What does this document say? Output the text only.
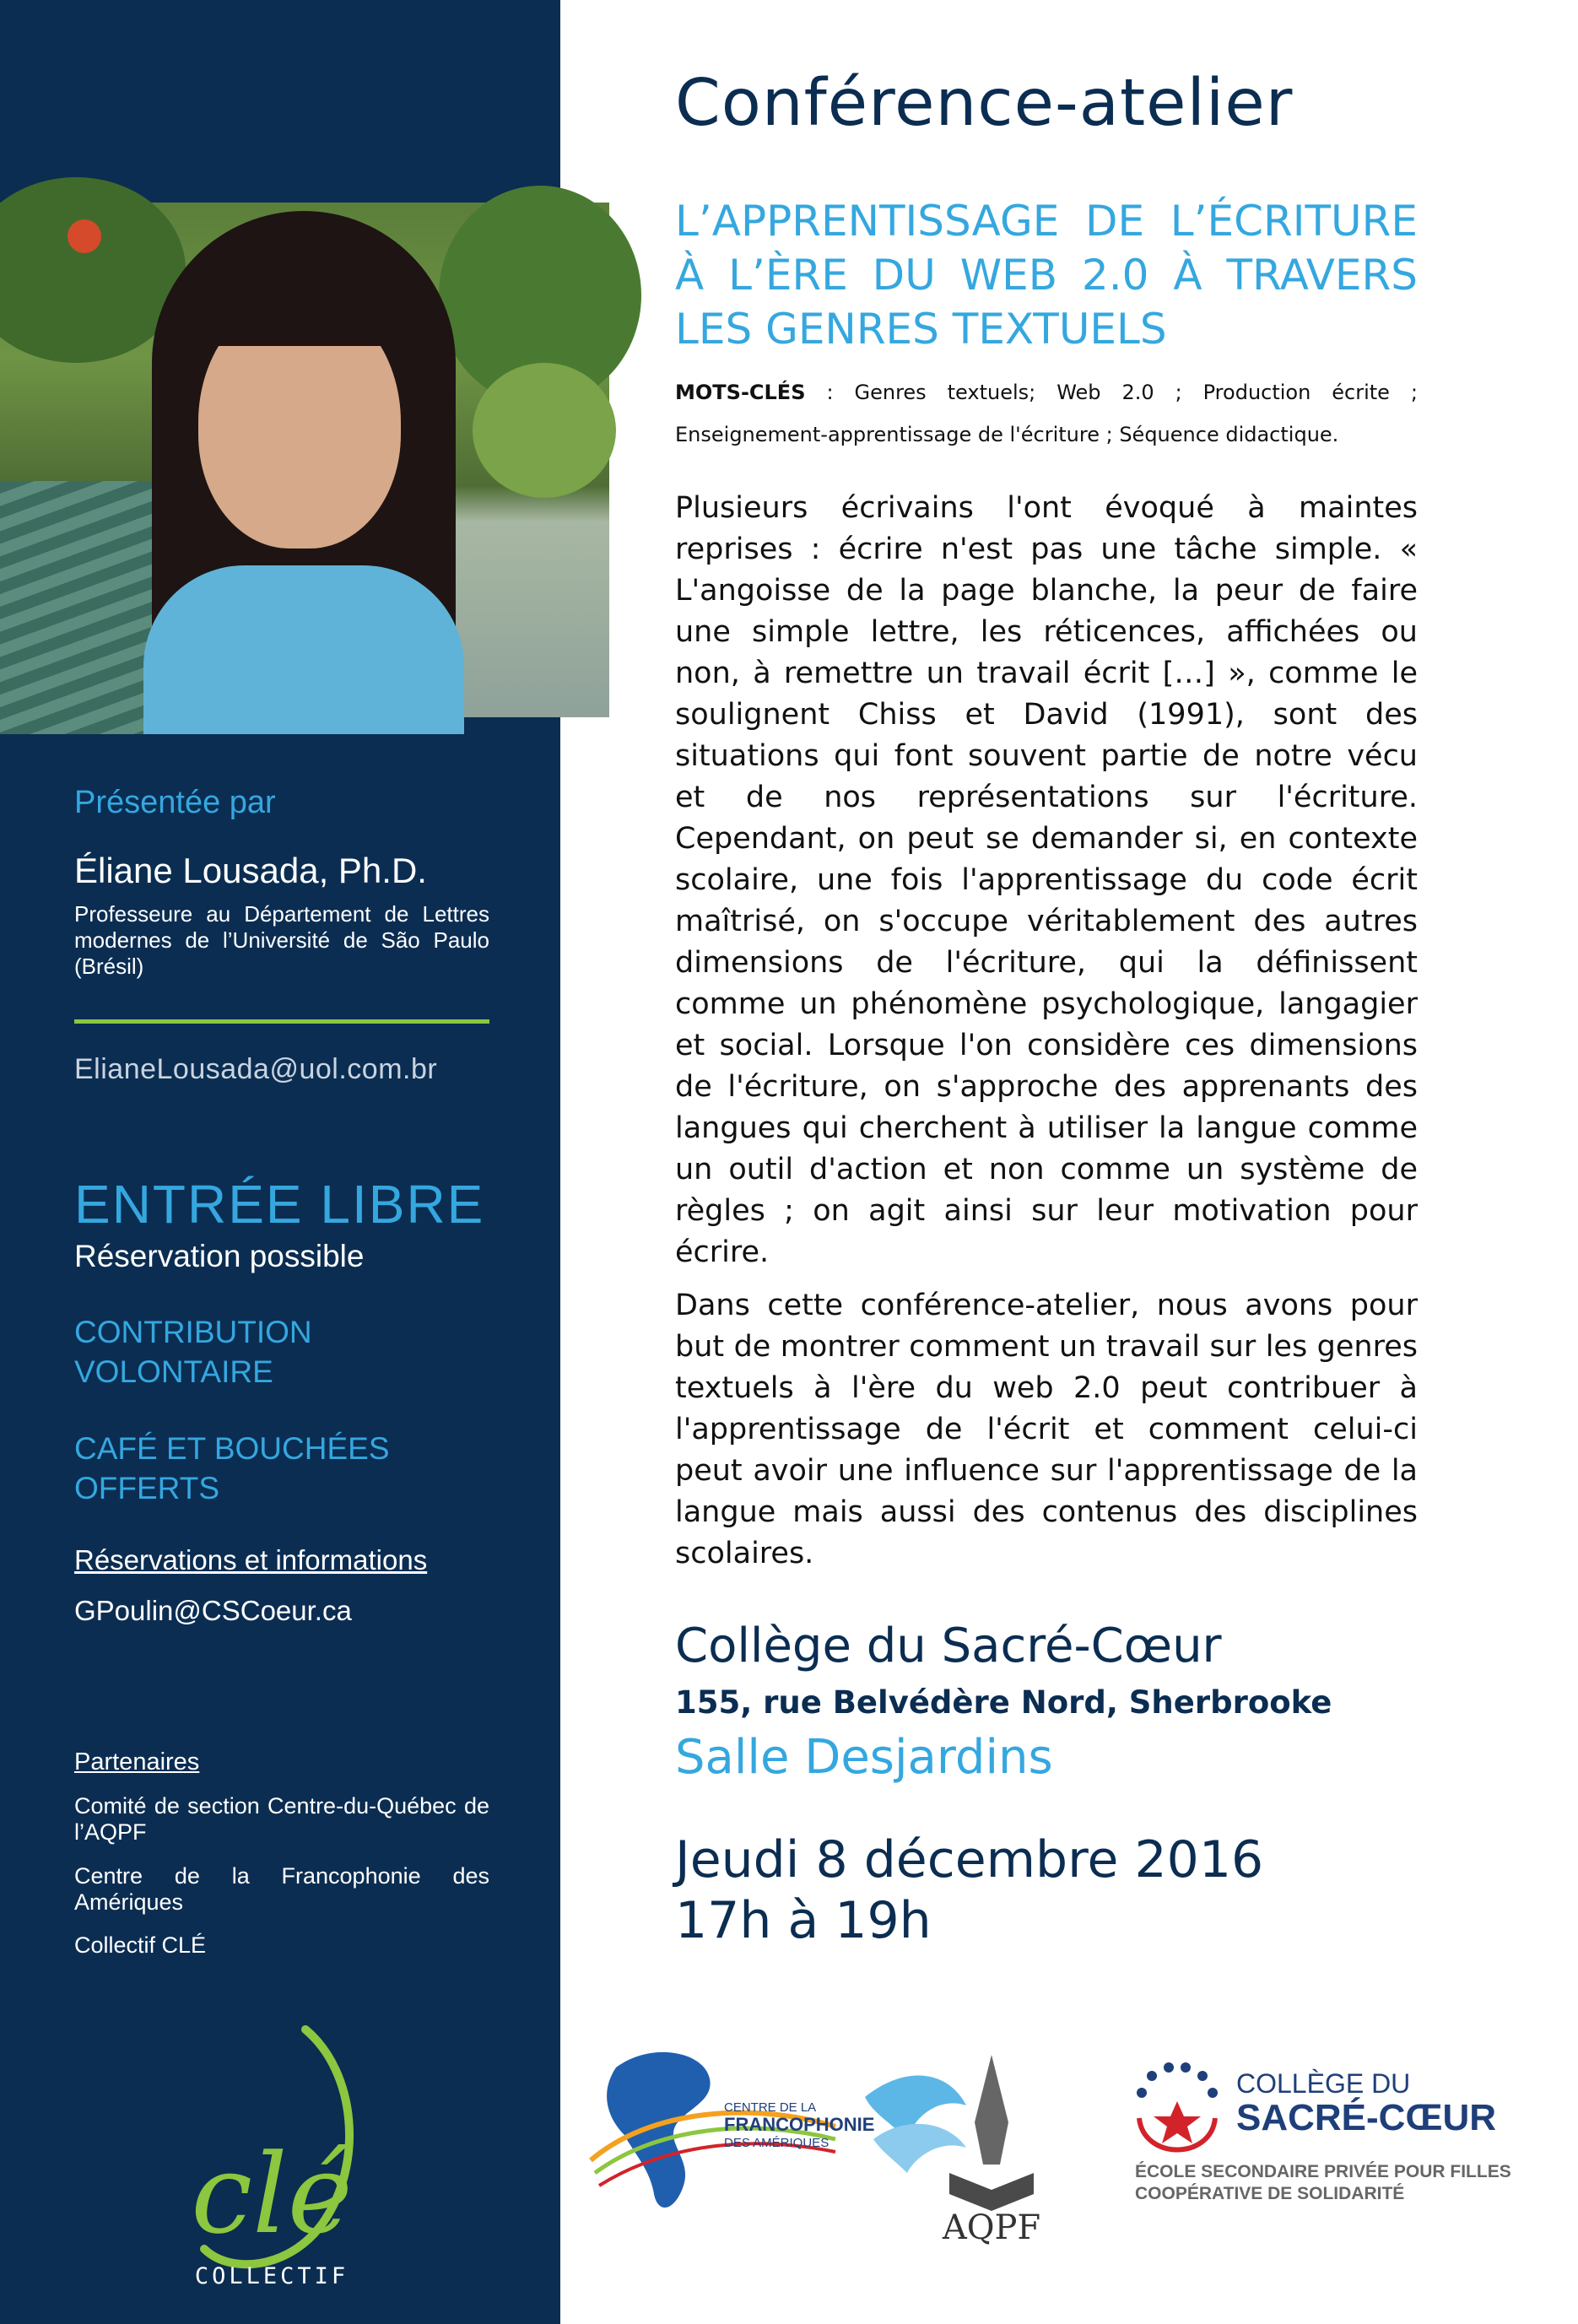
Présentée par
Éliane Lousada, Ph.D.
Professeure au Département de Lettres modernes de l’Université de São Paulo (Brésil)
ElianeLousada@uol.com.br
ENTRÉE LIBRE
Réservation possible
CONTRIBUTION
VOLONTAIRE
CAFÉ ET BOUCHÉES
OFFERTS
Réservations et informations
GPoulin@CSCoeur.ca
Partenaires
Comité de section Centre-du-Québec de l’AQPF
Centre de la Francophonie des Amériques
Collectif CLÉ
clé
COLLECTIF
Conférence-atelier
L’APPRENTISSAGE DE L’ÉCRITURE
À L’ÈRE DU WEB 2.0 À TRAVERS
LES GENRES TEXTUELS
MOTS-CLÉS : Genres textuels; Web 2.0 ; Production écrite ; Enseignement-apprentissage de l'écriture ; Séquence didactique.

Plusieurs écrivains l'ont évoqué à maintes reprises : écrire n'est pas une tâche simple. « L'angoisse de la page blanche, la peur de faire une simple lettre, les réticences, affichées ou non, à remettre un travail écrit […] », comme le soulignent Chiss et David (1991), sont des situations qui font souvent partie de notre vécu et de nos représentations sur l'écriture. Cependant, on peut se demander si, en contexte scolaire, une fois l'apprentissage du code écrit maîtrisé, on s'occupe véritablement des autres dimensions de l'écriture, qui la définissent comme un phénomène psychologique, langagier et social. Lorsque l'on considère ces dimensions de l'écriture, on s'approche des apprenants des langues qui cherchent à utiliser la langue comme un outil d'action et non comme un système de règles ; on agit ainsi sur leur motivation pour écrire.

Dans cette conférence-atelier, nous avons pour but de montrer comment un travail sur les genres textuels à l'ère du web 2.0 peut contribuer à l'apprentissage de l'écrit et comment celui-ci peut avoir une influence sur l'apprentissage de la langue mais aussi des contenus des disciplines scolaires.

Collège du Sacré-Cœur
155, rue Belvédère Nord, Sherbrooke
Salle Desjardins
Jeudi 8 décembre 2016
17h à 19h
CENTRE DE LA
FRANCOPHONIE
DES AMÉRIQUES
AQPF
COLLÈGE DU
SACRÉ-CŒUR
ÉCOLE SECONDAIRE PRIVÉE POUR FILLES
COOPÉRATIVE DE SOLIDARITÉ
